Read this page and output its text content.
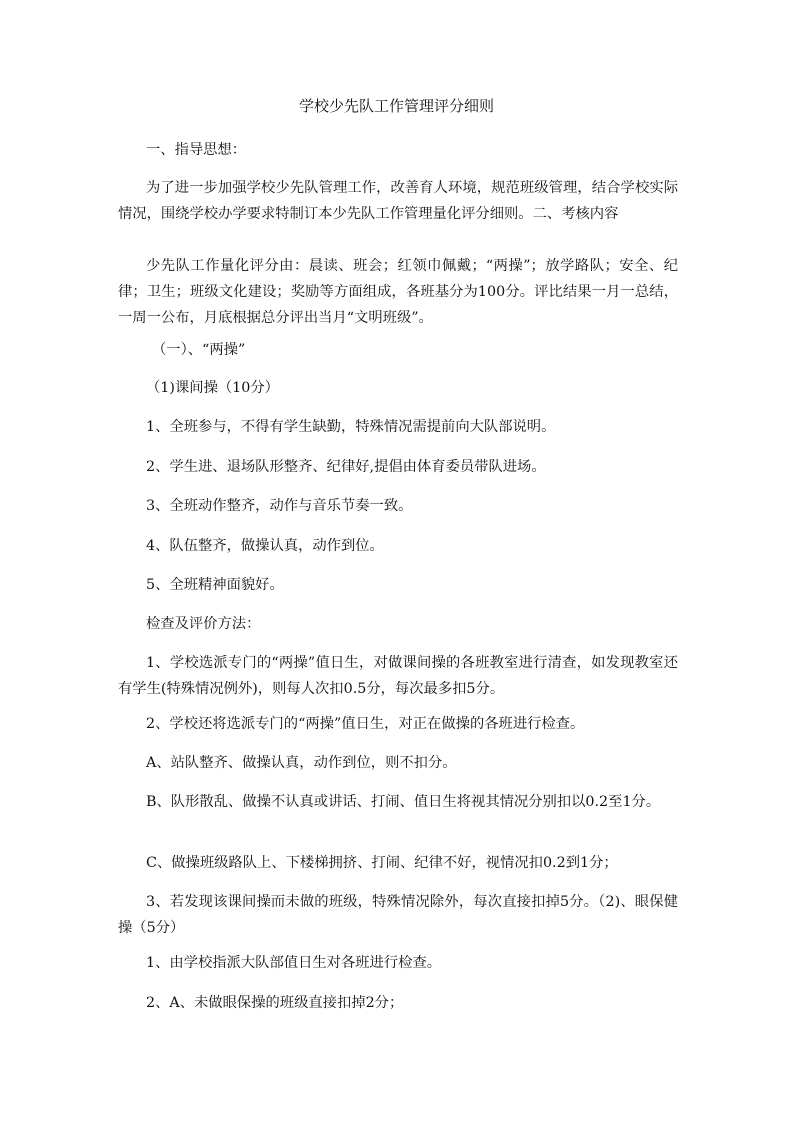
学校少先队工作管理评分细则

一、指导思想：

为了进一步加强学校少先队管理工作，改善育人环境，规范班级管理，结合学校实际情况，围绕学校办学要求特制订本少先队工作管理量化评分细则。二、考核内容

少先队工作量化评分由：晨读、班会；红领巾佩戴；“两操”；放学路队；安全、纪律；卫生；班级文化建设；奖励等方面组成，各班基分为100分。评比结果一月一总结，一周一公布，月底根据总分评出当月“文明班级”。

（一）、“两操”

（1)课间操（10分）

1、全班参与，不得有学生缺勤，特殊情况需提前向大队部说明。

2、学生进、退场队形整齐、纪律好,提倡由体育委员带队进场。

3、全班动作整齐，动作与音乐节奏一致。

4、队伍整齐，做操认真，动作到位。

5、全班精神面貌好。

检查及评价方法：

1、学校选派专门的“两操”值日生，对做课间操的各班教室进行清查，如发现教室还有学生(特殊情况例外)，则每人次扣0.5分，每次最多扣5分。

2、学校还将选派专门的“两操”值日生，对正在做操的各班进行检查。

A、站队整齐、做操认真，动作到位，则不扣分。

B、队形散乱、做操不认真或讲话、打闹、值日生将视其情况分别扣以0.2至1分。

C、做操班级路队上、下楼梯拥挤、打闹、纪律不好，视情况扣0.2到1分；

3、若发现该课间操而未做的班级，特殊情况除外，每次直接扣掉5分。（2)、眼保健操（5分）

1、由学校指派大队部值日生对各班进行检查。

2、A、未做眼保操的班级直接扣掉2分；
